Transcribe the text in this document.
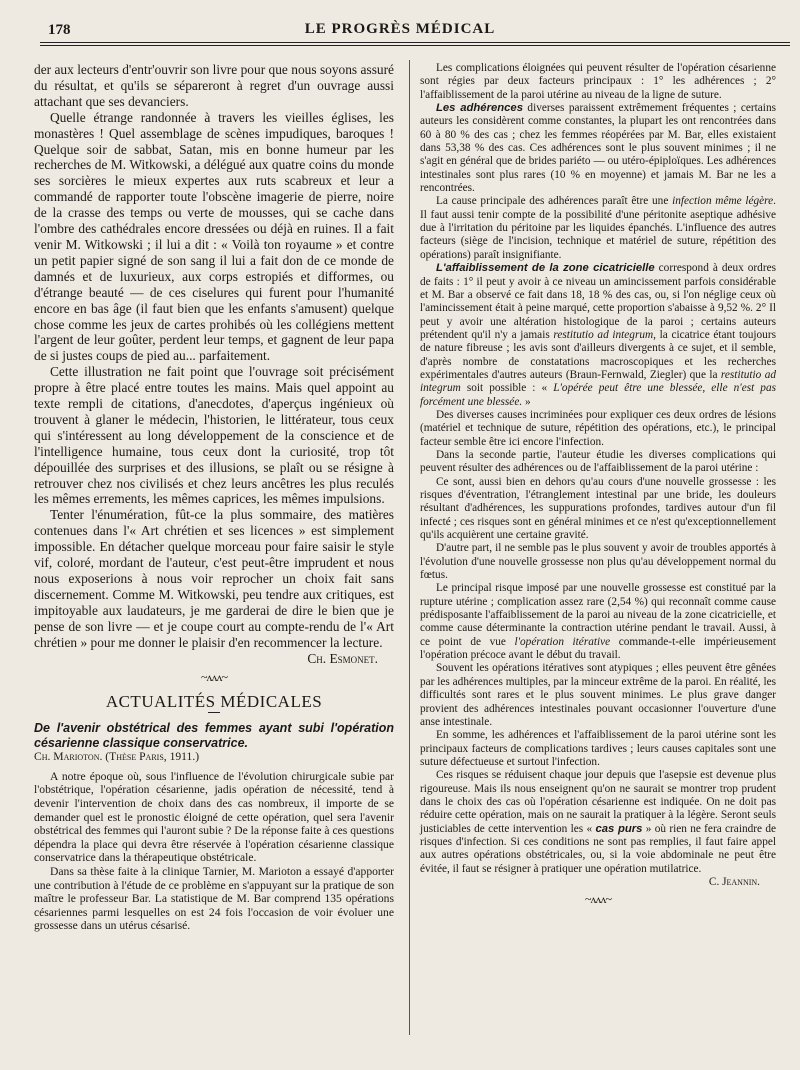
178	LE PROGRÈS MÉDICAL

der aux lecteurs d'entr'ouvrir son livre pour que nous soyons assuré du résultat, et qu'ils se sépareront à regret d'un ouvrage aussi attachant que ses devanciers.

Quelle étrange randonnée à travers les vieilles églises, les monastères ! Quel assemblage de scènes impudiques, baroques ! Quelque soir de sabbat, Satan, mis en bonne humeur par les recherches de M. Witkowski, a délégué aux quatre coins du monde ses sorcières le mieux expertes aux ruts scabreux et leur a commandé de rapporter toute l'obscène imagerie de pierre, noire de la crasse des temps ou verte de mousses, qui se cache dans l'ombre des cathédrales encore dressées ou déjà en ruines. Il a fait venir M. Witkowski ; il lui a dit : « Voilà ton royaume » et contre un petit papier signé de son sang il lui a fait don de ce monde de damnés et de luxurieux, aux corps estropiés et difformes, ou d'étrange beauté — de ces ciselures qui furent pour l'humanité encore en bas âge (il faut bien que les enfants s'amusent) quelque chose comme les jeux de cartes prohibés où les collégiens mettent l'argent de leur goûter, perdent leur temps, et gagnent de leur papa de si justes coups de pied au... parfaitement.

Cette illustration ne fait point que l'ouvrage soit précisément propre à être placé entre toutes les mains. Mais quel appoint au texte rempli de citations, d'anecdotes, d'aperçus ingénieux où trouvent à glaner le médecin, l'historien, le littérateur, tous ceux qui s'intéressent au long développement de la conscience et de l'intelligence humaine, tous ceux dont la curiosité, trop tôt dépouillée des surprises et des illusions, se plaît ou se résigne à retrouver chez nos civilisés et chez leurs ancêtres les plus reculés les mêmes errements, les mêmes caprices, les mêmes impulsions.

Tenter l'énumération, fût-ce la plus sommaire, des matières contenues dans l'« Art chrétien et ses licences » est simplement impossible. En détacher quelque morceau pour faire saisir le style vif, coloré, mordant de l'auteur, c'est peut-être imprudent et nous nous exposerions à nous voir reprocher un choix fait sans discernement. Comme M. Witkowski, peu tendre aux critiques, est impitoyable aux laudateurs, je me garderai de dire le bien que je pense de son livre — et je coupe court au compte-rendu de l'« Art chrétien » pour me donner le plaisir d'en recommencer la lecture.

Ch. Esmonet.
~ʌʌʌ~
ACTUALITÉS MÉDICALES
De l'avenir obstétrical des femmes ayant subi l'opération césarienne classique conservatrice.

Ch. Marioton. (Thèse Paris, 1911.)

A notre époque où, sous l'influence de l'évolution chirurgicale subie par l'obstétrique, l'opération césarienne, jadis opération de nécessité, tend à devenir l'intervention de choix dans des cas nombreux, il importe de se demander quel est le pronostic éloigné de cette opération, quel sera l'avenir obstétrical des femmes qui l'auront subie ? De la réponse faite à ces questions dépendra la place qui devra être réservée à l'opération césarienne classique conservatrice dans la thérapeutique obstétricale.

Dans sa thèse faite à la clinique Tarnier, M. Marioton a essayé d'apporter une contribution à l'étude de ce problème en s'appuyant sur la pratique de son maître le professeur Bar. La statistique de M. Bar comprend 135 opérations césariennes parmi lesquelles on est 24 fois l'occasion de voir évoluer une grossesse dans un utérus césarisé.

Les complications éloignées qui peuvent résulter de l'opération césarienne sont régies par deux facteurs principaux : 1° les adhérences ; 2° l'affaiblissement de la paroi utérine au niveau de la ligne de suture.

Les adhérences diverses paraissent extrêmement fréquentes ; certains auteurs les considèrent comme constantes, la plupart les ont rencontrées dans 60 à 80 % des cas ; chez les femmes réopérées par M. Bar, elles existaient dans 53,38 % des cas. Ces adhérences sont le plus souvent minimes ; il ne s'agit en général que de brides pariéto — ou utéro-épiploïques. Les adhérences intestinales sont plus rares (10 % en moyenne) et jamais M. Bar ne les a rencontrées.

La cause principale des adhérences paraît être une infection même légère. Il faut aussi tenir compte de la possibilité d'une péritonite aseptique adhésive due à l'irritation du péritoine par les liquides épanchés. L'influence des autres facteurs (siège de l'incision, technique et matériel de suture, répétition des opérations) paraît insignifiante.

L'affaiblissement de la zone cicatricielle correspond à deux ordres de faits : 1° il peut y avoir à ce niveau un amincissement parfois considérable et M. Bar a observé ce fait dans 18, 18 % des cas, ou, si l'on néglige ceux où l'amincissement était à peine marqué, cette proportion s'abaisse à 9,52 %. 2° Il peut y avoir une altération histologique de la paroi ; certains auteurs prétendent qu'il n'y a jamais restitutio ad integrum, la cicatrice étant toujours de nature fibreuse ; les avis sont d'ailleurs divergents à ce sujet, et il semble, d'après nombre de constatations macroscopiques et les recherches expérimentales d'autres auteurs (Braun-Fernwald, Ziegler) que la restitutio ad integrum soit possible : « L'opérée peut être une blessée, elle n'est pas forcément une blessée. »

Des diverses causes incriminées pour expliquer ces deux ordres de lésions (matériel et technique de suture, répétition des opérations, etc.), le principal facteur semble être ici encore l'infection.

Dans la seconde partie, l'auteur étudie les diverses complications qui peuvent résulter des adhérences ou de l'affaiblissement de la paroi utérine :

Ce sont, aussi bien en dehors qu'au cours d'une nouvelle grossesse : les risques d'éventration, l'étranglement intestinal par une bride, les douleurs résultant d'adhérences, les suppurations profondes, tardives autour d'un fil infecté ; ces risques sont en général minimes et ce n'est qu'exceptionnellement qu'ils acquièrent une certaine gravité.

D'autre part, il ne semble pas le plus souvent y avoir de troubles apportés à l'évolution d'une nouvelle grossesse non plus qu'au développement normal du fœtus.

Le principal risque imposé par une nouvelle grossesse est constitué par la rupture utérine ; complication assez rare (2,54 %) qui reconnaît comme cause prédisposante l'affaiblissement de la paroi au niveau de la zone cicatricielle, et comme cause déterminante la contraction utérine pendant le travail. Aussi, à ce point de vue l'opération itérative commande-t-elle impérieusement l'opération précoce avant le début du travail.

Souvent les opérations itératives sont atypiques ; elles peuvent être gênées par les adhérences multiples, par la minceur extrême de la paroi. En réalité, les difficultés sont rares et le plus souvent minimes. Le plus grave danger provient des adhérences intestinales pouvant occasionner l'ouverture d'une anse intestinale.

En somme, les adhérences et l'affaiblissement de la paroi utérine sont les principaux facteurs de complications tardives ; leurs causes capitales sont une suture défectueuse et surtout l'infection.

Ces risques se réduisent chaque jour depuis que l'asepsie est devenue plus rigoureuse. Mais ils nous enseignent qu'on ne saurait se montrer trop prudent dans le choix des cas où l'opération césarienne est indiquée. On ne doit pas réduire cette opération, mais on ne saurait la pratiquer à la légère. Seront seuls justiciables de cette intervention les « cas purs » où rien ne fera craindre de risques d'infection. Si ces conditions ne sont pas remplies, il faut faire appel aux autres opérations obstétricales, ou, si la voie abdominale ne peut être évitée, il faut se résigner à pratiquer une opération mutilatrice.

C. Jeannin.
~ʌʌʌ~
